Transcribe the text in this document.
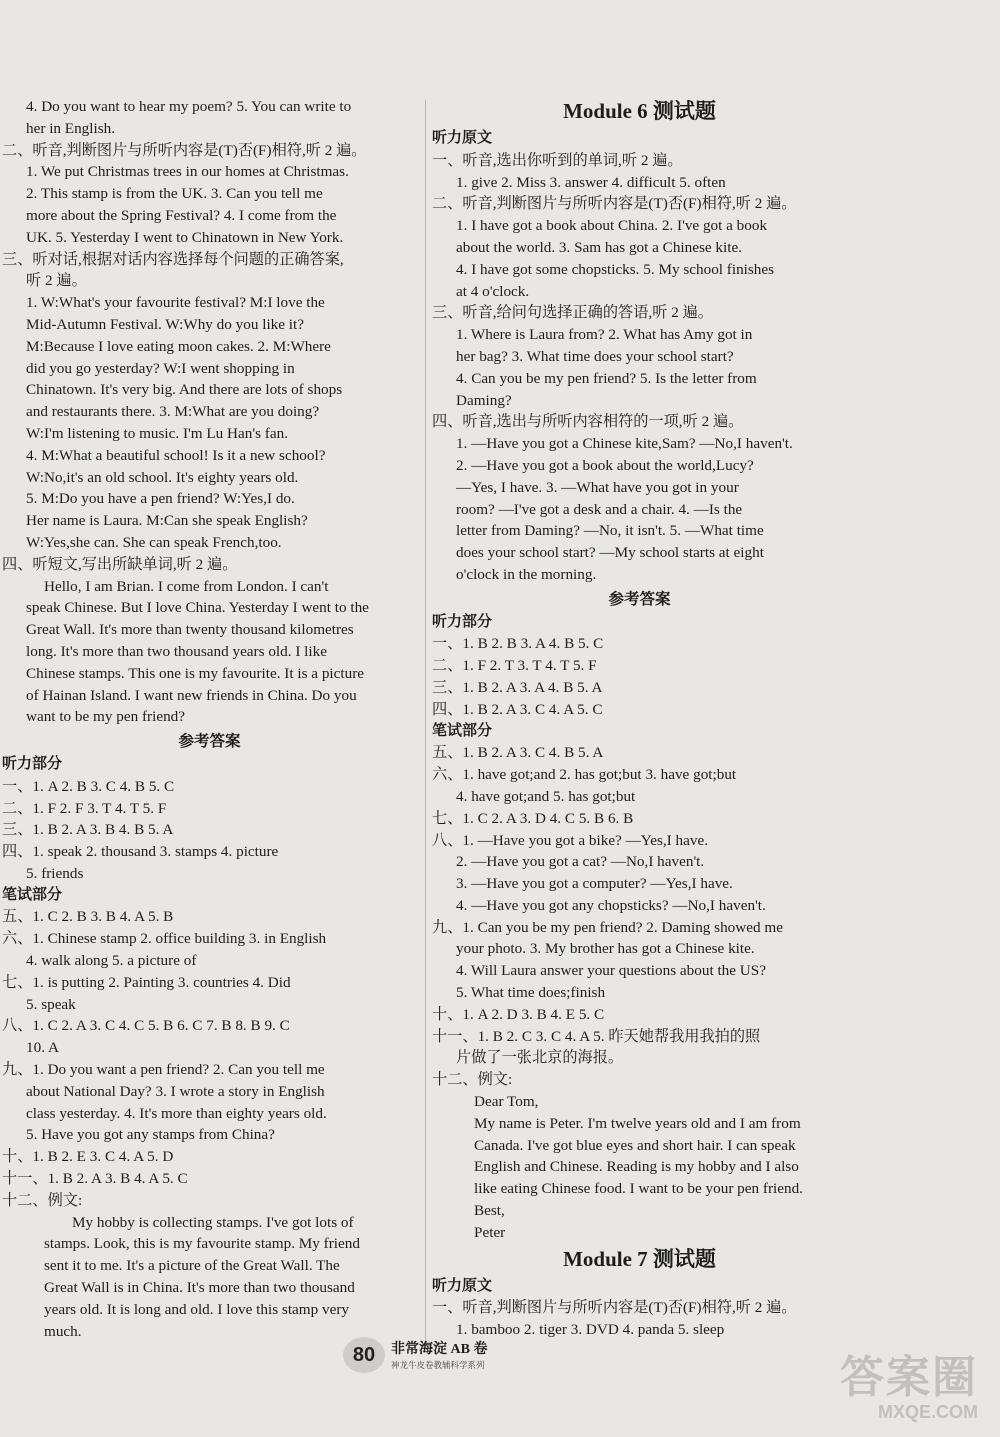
4. Do you want to hear my poem? 5. You can write to
her in English.
二、听音,判断图片与所听内容是(T)否(F)相符,听 2 遍。
1. We put Christmas trees in our homes at Christmas.
2. This stamp is from the UK. 3. Can you tell me
more about the Spring Festival? 4. I come from the
UK. 5. Yesterday I went to Chinatown in New York.
三、听对话,根据对话内容选择每个问题的正确答案,
听 2 遍。
1. W:What's your favourite festival? M:I love the
Mid-Autumn Festival. W:Why do you like it?
M:Because I love eating moon cakes. 2. M:Where
did you go yesterday? W:I went shopping in
Chinatown. It's very big. And there are lots of shops
and restaurants there. 3. M:What are you doing?
W:I'm listening to music. I'm Lu Han's fan.
4. M:What a beautiful school! Is it a new school?
W:No,it's an old school. It's eighty years old.
5. M:Do you have a pen friend? W:Yes,I do.
Her name is Laura. M:Can she speak English?
W:Yes,she can. She can speak French,too.
四、听短文,写出所缺单词,听 2 遍。
Hello, I am Brian. I come from London. I can't
speak Chinese. But I love China. Yesterday I went to the
Great Wall. It's more than twenty thousand kilometres
long. It's more than two thousand years old. I like
Chinese stamps. This one is my favourite. It is a picture
of Hainan Island. I want new friends in China. Do you
want to be my pen friend?
参考答案
听力部分
一、1. A 2. B 3. C 4. B 5. C
二、1. F 2. F 3. T 4. T 5. F
三、1. B 2. A 3. B 4. B 5. A
四、1. speak 2. thousand 3. stamps 4. picture
5. friends
笔试部分
五、1. C 2. B 3. B 4. A 5. B
六、1. Chinese stamp 2. office building 3. in English
4. walk along 5. a picture of
七、1. is putting 2. Painting 3. countries 4. Did
5. speak
八、1. C 2. A 3. C 4. C 5. B 6. C 7. B 8. B 9. C
10. A
九、1. Do you want a pen friend? 2. Can you tell me
about National Day? 3. I wrote a story in English
class yesterday. 4. It's more than eighty years old.
5. Have you got any stamps from China?
十、1. B 2. E 3. C 4. A 5. D
十一、1. B 2. A 3. B 4. A 5. C
十二、例文:
My hobby is collecting stamps. I've got lots of
stamps. Look, this is my favourite stamp. My friend
sent it to me. It's a picture of the Great Wall. The
Great Wall is in China. It's more than two thousand
years old. It is long and old. I love this stamp very
much.
Module 6 测试题
听力原文
一、听音,选出你听到的单词,听 2 遍。
1. give 2. Miss 3. answer 4. difficult 5. often
二、听音,判断图片与所听内容是(T)否(F)相符,听 2 遍。
1. I have got a book about China. 2. I've got a book
about the world. 3. Sam has got a Chinese kite.
4. I have got some chopsticks. 5. My school finishes
at 4 o'clock.
三、听音,给问句选择正确的答语,听 2 遍。
1. Where is Laura from? 2. What has Amy got in
her bag? 3. What time does your school start?
4. Can you be my pen friend? 5. Is the letter from
Daming?
四、听音,选出与所听内容相符的一项,听 2 遍。
1. —Have you got a Chinese kite,Sam? —No,I haven't.
2. —Have you got a book about the world,Lucy?
—Yes, I have. 3. —What have you got in your
room? —I've got a desk and a chair. 4. —Is the
letter from Daming? —No, it isn't. 5. —What time
does your school start? —My school starts at eight
o'clock in the morning.
参考答案
听力部分
一、1. B 2. B 3. A 4. B 5. C
二、1. F 2. T 3. T 4. T 5. F
三、1. B 2. A 3. A 4. B 5. A
四、1. B 2. A 3. C 4. A 5. C
笔试部分
五、1. B 2. A 3. C 4. B 5. A
六、1. have got;and 2. has got;but 3. have got;but
4. have got;and 5. has got;but
七、1. C 2. A 3. D 4. C 5. B 6. B
八、1. —Have you got a bike? —Yes,I have.
2. —Have you got a cat? —No,I haven't.
3. —Have you got a computer? —Yes,I have.
4. —Have you got any chopsticks? —No,I haven't.
九、1. Can you be my pen friend? 2. Daming showed me
your photo. 3. My brother has got a Chinese kite.
4. Will Laura answer your questions about the US?
5. What time does;finish
十、1. A 2. D 3. B 4. E 5. C
十一、1. B 2. C 3. C 4. A 5. 昨天她帮我用我拍的照
片做了一张北京的海报。
十二、例文:
Dear Tom,
My name is Peter. I'm twelve years old and I am from
Canada. I've got blue eyes and short hair. I can speak
English and Chinese. Reading is my hobby and I also
like eating Chinese food. I want to be your pen friend.
Best,
Peter
Module 7 测试题
听力原文
一、听音,判断图片与所听内容是(T)否(F)相符,听 2 遍。
1. bamboo 2. tiger 3. DVD 4. panda 5. sleep
80	非常海淀 AB 卷
神龙牛皮卷教辅科学系列	答案圈
MXQE.COM
